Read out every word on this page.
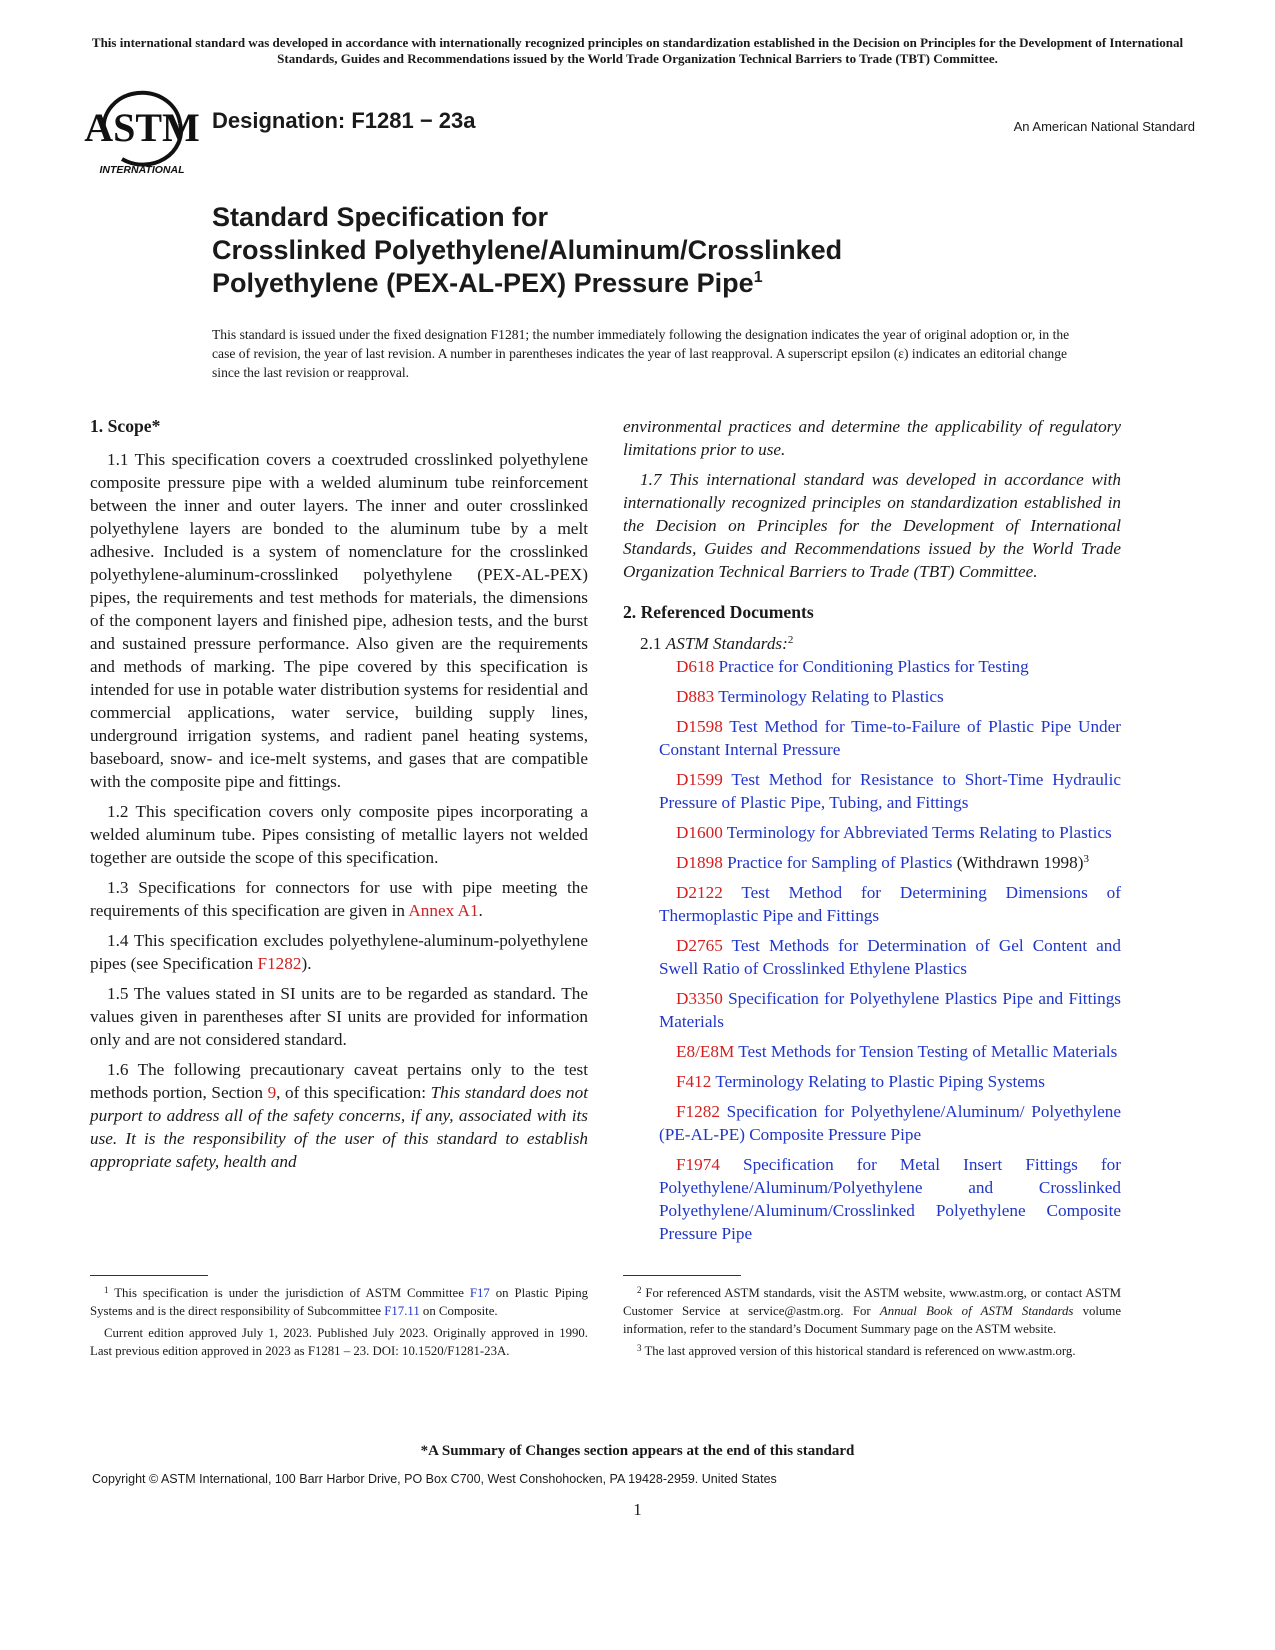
This international standard was developed in accordance with internationally recognized principles on standardization established in the Decision on Principles for the Development of International Standards, Guides and Recommendations issued by the World Trade Organization Technical Barriers to Trade (TBT) Committee.
ASTM
INTERNATIONAL
Designation: F1281 − 23a	An American National Standard
Standard Specification for
Crosslinked Polyethylene/Aluminum/Crosslinked
Polyethylene (PEX-AL-PEX) Pressure Pipe$^1$
This standard is issued under the fixed designation F1281; the number immediately following the designation indicates the year of original adoption or, in the case of revision, the year of last revision. A number in parentheses indicates the year of last reapproval. A superscript epsilon (ε) indicates an editorial change since the last revision or reapproval.
1. Scope*

1.1 This specification covers a coextruded crosslinked polyethylene composite pressure pipe with a welded aluminum tube reinforcement between the inner and outer layers. The inner and outer crosslinked polyethylene layers are bonded to the aluminum tube by a melt adhesive. Included is a system of nomenclature for the crosslinked polyethylene-aluminum-crosslinked polyethylene (PEX-AL-PEX) pipes, the requirements and test methods for materials, the dimensions of the component layers and finished pipe, adhesion tests, and the burst and sustained pressure performance. Also given are the requirements and methods of marking. The pipe covered by this specification is intended for use in potable water distribution systems for residential and commercial applications, water service, building supply lines, underground irrigation systems, and radient panel heating systems, baseboard, snow- and ice-melt systems, and gases that are compatible with the composite pipe and fittings.

1.2 This specification covers only composite pipes incorporating a welded aluminum tube. Pipes consisting of metallic layers not welded together are outside the scope of this specification.

1.3 Specifications for connectors for use with pipe meeting the requirements of this specification are given in Annex A1.

1.4 This specification excludes polyethylene-aluminum-polyethylene pipes (see Specification F1282).

1.5 The values stated in SI units are to be regarded as standard. The values given in parentheses after SI units are provided for information only and are not considered standard.

1.6 The following precautionary caveat pertains only to the test methods portion, Section 9, of this specification: This standard does not purport to address all of the safety concerns, if any, associated with its use. It is the responsibility of the user of this standard to establish appropriate safety, health and

environmental practices and determine the applicability of regulatory limitations prior to use.

1.7 This international standard was developed in accordance with internationally recognized principles on standardization established in the Decision on Principles for the Development of International Standards, Guides and Recommendations issued by the World Trade Organization Technical Barriers to Trade (TBT) Committee.

2. Referenced Documents

2.1 ASTM Standards:$^2$

D618 Practice for Conditioning Plastics for Testing

D883 Terminology Relating to Plastics

D1598 Test Method for Time-to-Failure of Plastic Pipe Under Constant Internal Pressure

D1599 Test Method for Resistance to Short-Time Hydraulic Pressure of Plastic Pipe, Tubing, and Fittings

D1600 Terminology for Abbreviated Terms Relating to Plastics

D1898 Practice for Sampling of Plastics (Withdrawn 1998)$^3$

D2122 Test Method for Determining Dimensions of Thermoplastic Pipe and Fittings

D2765 Test Methods for Determination of Gel Content and Swell Ratio of Crosslinked Ethylene Plastics

D3350 Specification for Polyethylene Plastics Pipe and Fittings Materials

E8/E8M Test Methods for Tension Testing of Metallic Materials

F412 Terminology Relating to Plastic Piping Systems

F1282 Specification for Polyethylene/Aluminum/ Polyethylene (PE-AL-PE) Composite Pressure Pipe

F1974 Specification for Metal Insert Fittings for Polyethylene/Aluminum/Polyethylene and Crosslinked Polyethylene/Aluminum/Crosslinked Polyethylene Composite Pressure Pipe

$^1$ This specification is under the jurisdiction of ASTM Committee F17 on Plastic Piping Systems and is the direct responsibility of Subcommittee F17.11 on Composite.

Current edition approved July 1, 2023. Published July 2023. Originally approved in 1990. Last previous edition approved in 2023 as F1281 – 23. DOI: 10.1520/F1281-23A.

$^2$ For referenced ASTM standards, visit the ASTM website, www.astm.org, or contact ASTM Customer Service at service@astm.org. For Annual Book of ASTM Standards volume information, refer to the standard’s Document Summary page on the ASTM website.

$^3$ The last approved version of this historical standard is referenced on www.astm.org.

*A Summary of Changes section appears at the end of this standard
Copyright © ASTM International, 100 Barr Harbor Drive, PO Box C700, West Conshohocken, PA 19428-2959. United States
1
